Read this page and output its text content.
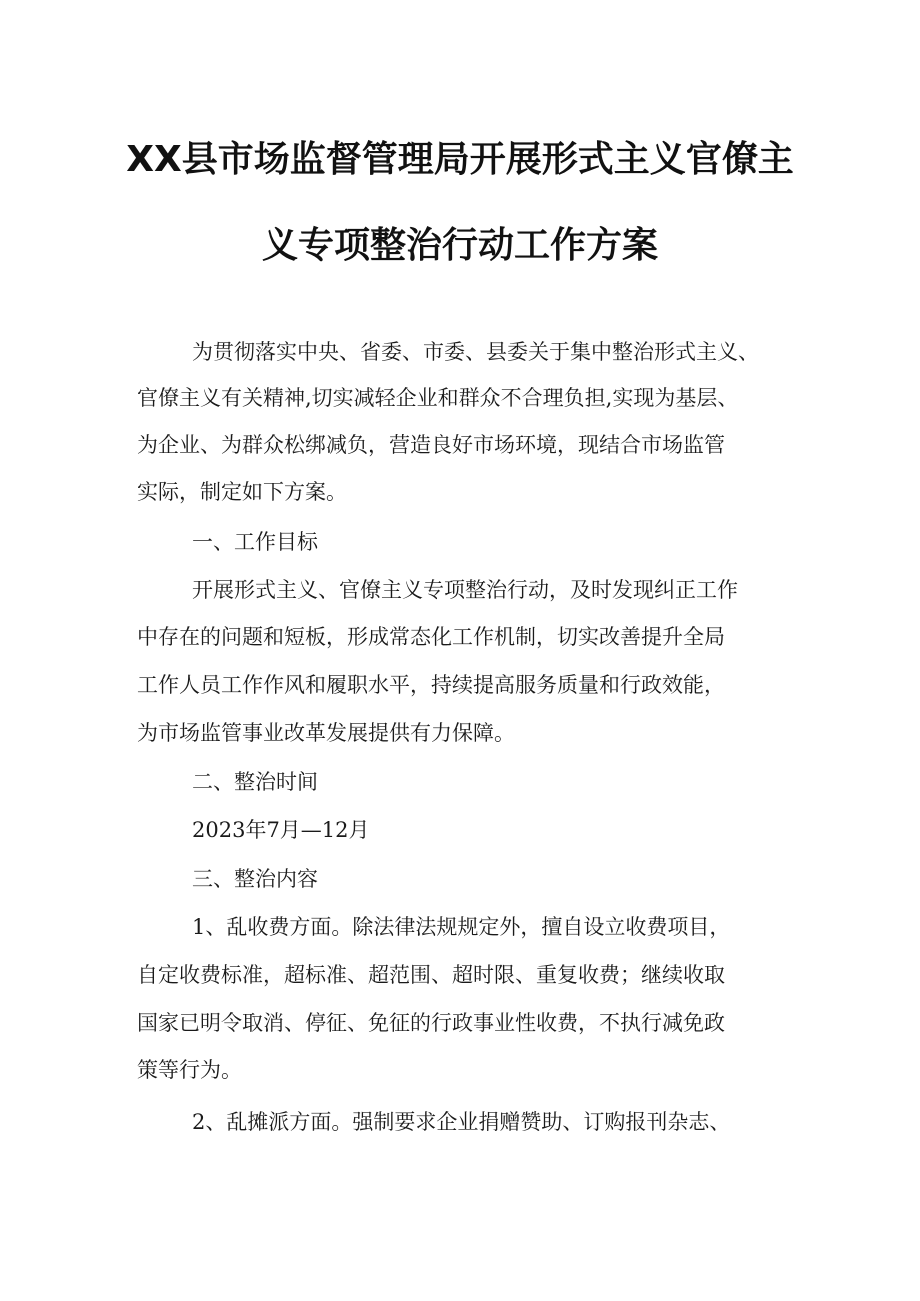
XX县市场监督管理局开展形式主义官僚主
义专项整治行动工作方案
为贯彻落实中央、省委、市委、县委关于集中整治形式主义、
官僚主义有关精神,切实减轻企业和群众不合理负担,实现为基层、
为企业、为群众松绑减负，营造良好市场环境，现结合市场监管
实际，制定如下方案。
一、工作目标
开展形式主义、官僚主义专项整治行动，及时发现纠正工作
中存在的问题和短板，形成常态化工作机制，切实改善提升全局
工作人员工作作风和履职水平，持续提高服务质量和行政效能，
为市场监管事业改革发展提供有力保障。
二、整治时间
2023年7月—12月
三、整治内容
1、乱收费方面。除法律法规规定外，擅自设立收费项目，
自定收费标准，超标准、超范围、超时限、重复收费；继续收取
国家已明令取消、停征、免征的行政事业性收费，不执行减免政
策等行为。
2、乱摊派方面。强制要求企业捐赠赞助、订购报刊杂志、
